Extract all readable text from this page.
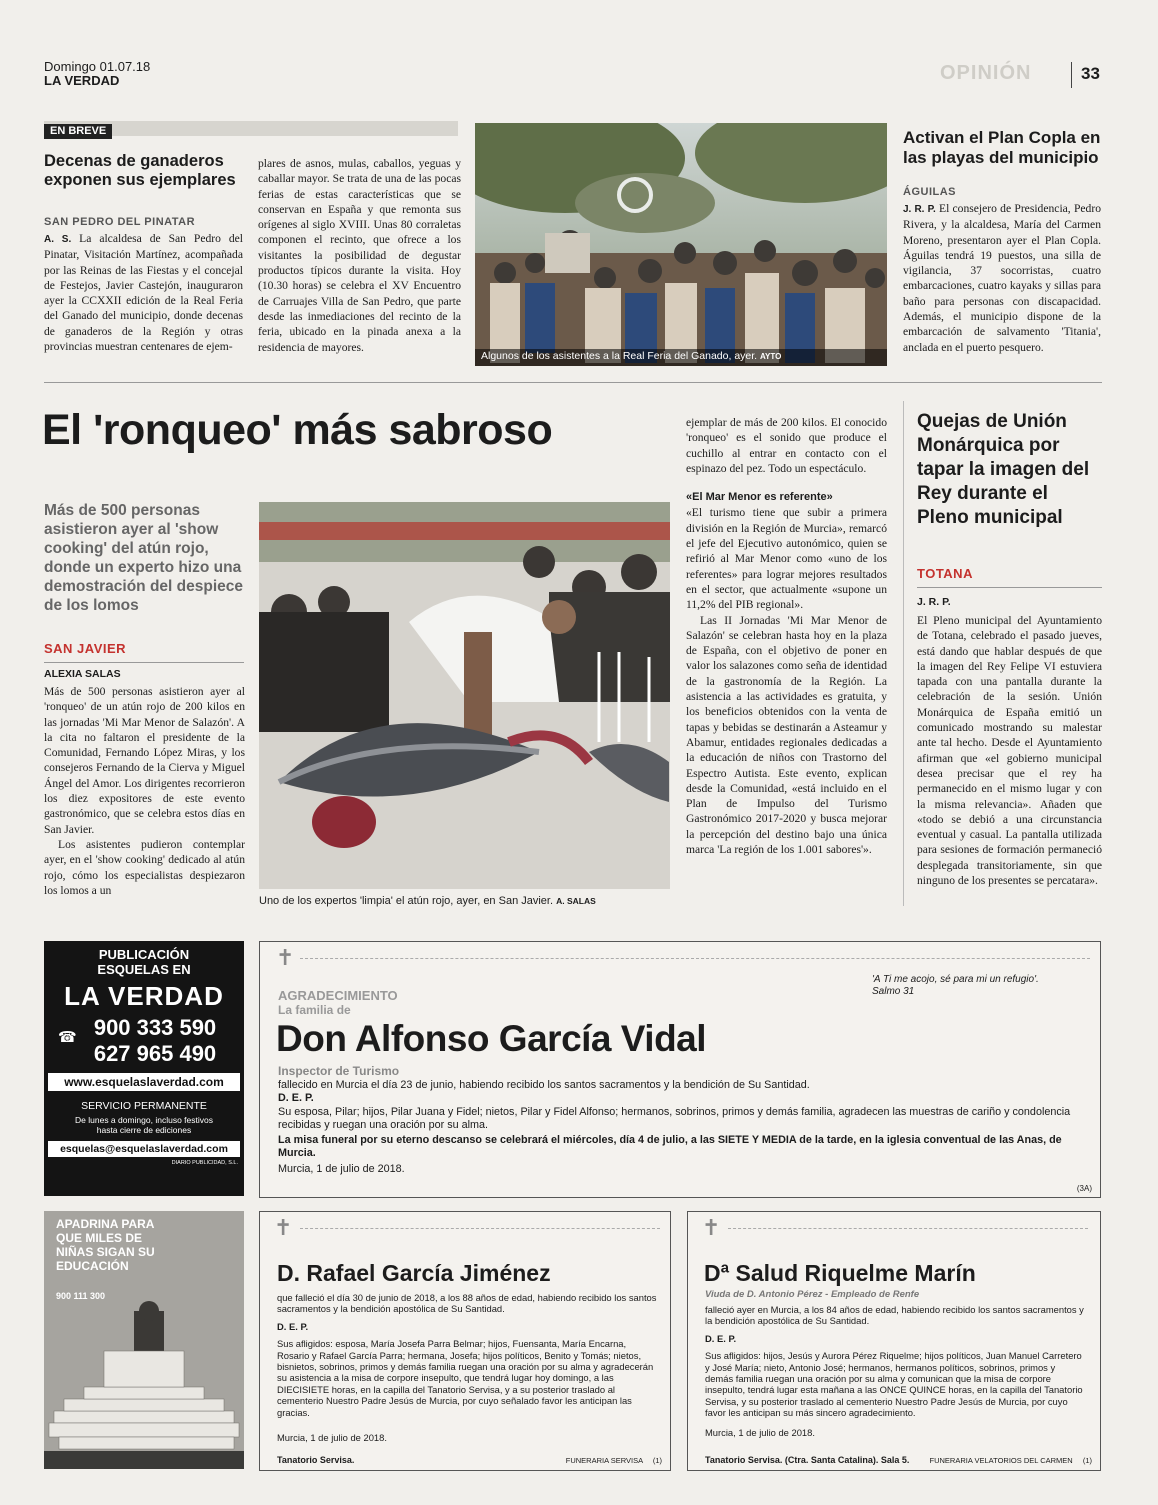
Domingo 01.07.18
LA VERDAD	OPINIÓN	33
EN BREVE
Decenas de ganaderos exponen sus ejemplares
SAN PEDRO DEL PINATAR
A. S. La alcaldesa de San Pedro del Pinatar, Visitación Martínez, acompañada por las Reinas de las Fiestas y el concejal de Festejos, Javier Castejón, inauguraron ayer la CCXXII edición de la Real Feria del Ganado del municipio, donde decenas de ganaderos de la Región y otras provincias muestran centenares de ejem-
plares de asnos, mulas, caballos, yeguas y caballar mayor. Se trata de una de las pocas ferias de estas características que se conservan en España y que remonta sus orígenes al siglo XVIII. Unas 80 corraletas componen el recinto, que ofrece a los visitantes la posibilidad de degustar productos típicos durante la visita. Hoy (10.30 horas) se celebra el XV Encuentro de Carruajes Villa de San Pedro, que parte desde las inmediaciones del recinto de la feria, ubicado en la pinada anexa a la residencia de mayores.
Algunos de los asistentes a la Real Feria del Ganado, ayer. AYTO
Activan el Plan Copla en las playas del municipio
ÁGUILAS
J. R. P. El consejero de Presidencia, Pedro Rivera, y la alcaldesa, María del Carmen Moreno, presentaron ayer el Plan Copla. Águilas tendrá 19 puestos, una silla de vigilancia, 37 socorristas, cuatro embarcaciones, cuatro kayaks y sillas para baño para personas con discapacidad. Además, el municipio dispone de la embarcación de salvamento 'Titania', anclada en el puerto pesquero.
El 'ronqueo' más sabroso
Más de 500 personas asistieron ayer al 'show cooking' del atún rojo, donde un experto hizo una demostración del despiece de los lomos
SAN JAVIER
ALEXIA SALAS

Más de 500 personas asistieron ayer al 'ronqueo' de un atún rojo de 200 kilos en las jornadas 'Mi Mar Menor de Salazón'. A la cita no faltaron el presidente de la Comunidad, Fernando López Miras, y los consejeros Fernando de la Cierva y Miguel Ángel del Amor. Los dirigentes recorrieron los diez expositores de este evento gastronómico, que se celebra estos días en San Javier.

Los asistentes pudieron contemplar ayer, en el 'show cooking' dedicado al atún rojo, cómo los especialistas despiezaron los lomos a un

Uno de los expertos 'limpia' el atún rojo, ayer, en San Javier. A. SALAS

ejemplar de más de 200 kilos. El conocido 'ronqueo' es el sonido que produce el cuchillo al entrar en contacto con el espinazo del pez. Todo un espectáculo.

«El Mar Menor es referente»

«El turismo tiene que subir a primera división en la Región de Murcia», remarcó el jefe del Ejecutivo autonómico, quien se refirió al Mar Menor como «uno de los referentes» para lograr mejores resultados en el sector, que actualmente «supone un 11,2% del PIB regional».

Las II Jornadas 'Mi Mar Menor de Salazón' se celebran hasta hoy en la plaza de España, con el objetivo de poner en valor los salazones como seña de identidad de la gastronomía de la Región. La asistencia a las actividades es gratuita, y los beneficios obtenidos con la venta de tapas y bebidas se destinarán a Asteamur y Abamur, entidades regionales dedicadas a la educación de niños con Trastorno del Espectro Autista. Este evento, explican desde la Comunidad, «está incluido en el Plan de Impulso del Turismo Gastronómico 2017-2020 y busca mejorar la percepción del destino bajo una única marca 'La región de los 1.001 sabores'».

Quejas de Unión Monárquica por tapar la imagen del Rey durante el Pleno municipal
TOTANA
J. R. P.
El Pleno municipal del Ayuntamiento de Totana, celebrado el pasado jueves, está dando que hablar después de que la imagen del Rey Felipe VI estuviera tapada con una pantalla durante la celebración de la sesión. Unión Monárquica de España emitió un comunicado mostrando su malestar ante tal hecho. Desde el Ayuntamiento afirman que «el gobierno municipal desea precisar que el rey ha permanecido en el mismo lugar y con la misma relevancia». Añaden que «todo se debió a una circunstancia eventual y casual. La pantalla utilizada para sesiones de formación permaneció desplegada transitoriamente, sin que ninguno de los presentes se percatara».
PUBLICACIÓN
ESQUELAS EN
LA VERDAD
☎ 900 333 590
627 965 490
www.esquelaslaverdad.com
SERVICIO PERMANENTE
De lunes a domingo, incluso festivos hasta cierre de ediciones
esquelas@esquelaslaverdad.com
DIARIO PUBLICIDAD, S.L.
APADRINA PARA QUE MILES DE NIÑAS SIGAN SU EDUCACIÓN
900 111 300
✝
'A Ti me acojo, sé para mi un refugio'.
Salmo 31
AGRADECIMIENTO
La familia de
Don Alfonso García Vidal
Inspector de Turismo
fallecido en Murcia el día 23 de junio, habiendo recibido los santos sacramentos y la bendición de Su Santidad.
D. E. P.
Su esposa, Pilar; hijos, Pilar Juana y Fidel; nietos, Pilar y Fidel Alfonso; hermanos, sobrinos, primos y demás familia, agradecen las muestras de cariño y condolencia recibidas y ruegan una oración por su alma.
La misa funeral por su eterno descanso se celebrará el miércoles, día 4 de julio, a las SIETE Y MEDIA de la tarde, en la iglesia conventual de las Anas, de Murcia.
Murcia, 1 de julio de 2018.
(3A)
✝
D. Rafael García Jiménez
que falleció el día 30 de junio de 2018, a los 88 años de edad, habiendo recibido los santos sacramentos y la bendición apostólica de Su Santidad.
D. E. P.
Sus afligidos: esposa, María Josefa Parra Belmar; hijos, Fuensanta, María Encarna, Rosario y Rafael García Parra; hermana, Josefa; hijos políticos, Benito y Tomás; nietos, bisnietos, sobrinos, primos y demás familia ruegan una oración por su alma y agradecerán su asistencia a la misa de corpore insepulto, que tendrá lugar hoy domingo, a las DIECISIETE horas, en la capilla del Tanatorio Servisa, y a su posterior traslado al cementerio Nuestro Padre Jesús de Murcia, por cuyo señalado favor les anticipan las gracias.
Murcia, 1 de julio de 2018.
Tanatorio Servisa.	FUNERARIA SERVISA (1)
✝
Dª Salud Riquelme Marín
Viuda de D. Antonio Pérez - Empleado de Renfe
falleció ayer en Murcia, a los 84 años de edad, habiendo recibido los santos sacramentos y la bendición apostólica de Su Santidad.
D. E. P.
Sus afligidos: hijos, Jesús y Aurora Pérez Riquelme; hijos políticos, Juan Manuel Carretero y José María; nieto, Antonio José; hermanos, hermanos políticos, sobrinos, primos y demás familia ruegan una oración por su alma y comunican que la misa de corpore insepulto, tendrá lugar esta mañana a las ONCE QUINCE horas, en la capilla del Tanatorio Servisa, y su posterior traslado al cementerio Nuestro Padre Jesús de Murcia, por cuyo favor les anticipan su más sincero agradecimiento.
Murcia, 1 de julio de 2018.
Tanatorio Servisa. (Ctra. Santa Catalina). Sala 5.	FUNERARIA VELATORIOS DEL CARMEN (1)
